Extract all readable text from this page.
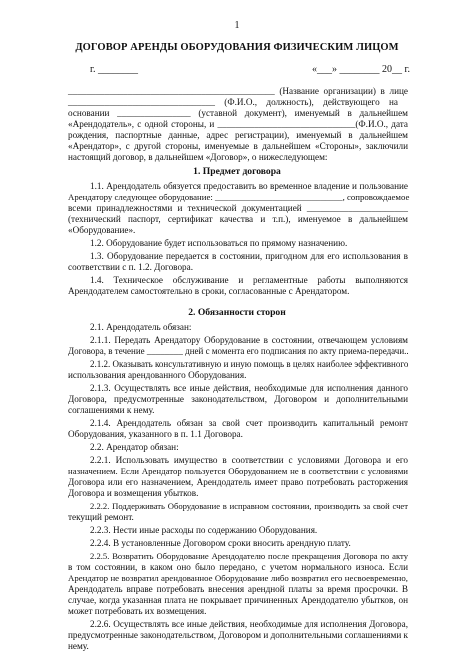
1
ДОГОВОР АРЕНДЫ ОБОРУДОВАНИЯ ФИЗИЧЕСКИМ ЛИЦОМ
г. ________	«___» ________ 20__ г.
_____________________________________________ (Название организации) в лице
________________________________ (Ф.И.О., должность), действующего на
основании ________________ (уставной документ), именуемый в дальнейшем
«Арендодатель», с одной стороны, и ______________________________(Ф.И.О., дата
рождения, паспортные данные, адрес регистрации), именуемый в дальнейшем
«Арендатор», с другой стороны, именуемые в дальнейшем «Стороны», заключили
настоящий договор, в дальнейшем «Договор», о нижеследующем:
1. Предмет договора
1.1. Арендодатель обязуется предоставить во временное владение и пользование
Арендатору следующее оборудование: _____________________________, сопровождаемое
всеми принадлежностями и технической документацией ______________________
(технический паспорт, сертификат качества и т.п.), именуемое в дальнейшем
«Оборудование».
1.2. Оборудование будет использоваться по прямому назначению.
1.3. Оборудование передается в состоянии, пригодном для его использования в
соответствии с п. 1.2. Договора.
1.4. Техническое обслуживание и регламентные работы выполняются
Арендодателем самостоятельно в сроки, согласованные с Арендатором.
2. Обязанности сторон
2.1. Арендодатель обязан:
2.1.1. Передать Арендатору Оборудование в состоянии, отвечающем условиям
Договора, в течение ________ дней с момента его подписания по акту приема-передачи..
2.1.2. Оказывать консультативную и иную помощь в целях наиболее эффективного
использования арендованного Оборудования.
2.1.3. Осуществлять все иные действия, необходимые для исполнения данного
Договора, предусмотренные законодательством, Договором и дополнительными
соглашениями к нему.
2.1.4. Арендодатель обязан за свой счет производить капитальный ремонт
Оборудования, указанного в п. 1.1 Договора.
2.2. Арендатор обязан:
2.2.1. Использовать имущество в соответствии с условиями Договора и его
назначением. Если Арендатор пользуется Оборудованием не в соответствии с условиями
Договора или его назначением, Арендодатель имеет право потребовать расторжения
Договора и возмещения убытков.
2.2.2. Поддерживать Оборудование в исправном состоянии, производить за свой счет
текущий ремонт.
2.2.3. Нести иные расходы по содержанию Оборудования.
2.2.4. В установленные Договором сроки вносить арендную плату.
2.2.5. Возвратить Оборудование Арендодателю после прекращения Договора по акту
в том состоянии, в каком оно было передано, с учетом нормального износа. Если
Арендатор не возвратил арендованное Оборудование либо возвратил его несвоевременно,
Арендодатель вправе потребовать внесения арендной платы за время просрочки. В
случае, когда указанная плата не покрывает причиненных Арендодателю убытков, он
может потребовать их возмещения.
2.2.6. Осуществлять все иные действия, необходимые для исполнения Договора,
предусмотренные законодательством, Договором и дополнительными соглашениями к
нему.
